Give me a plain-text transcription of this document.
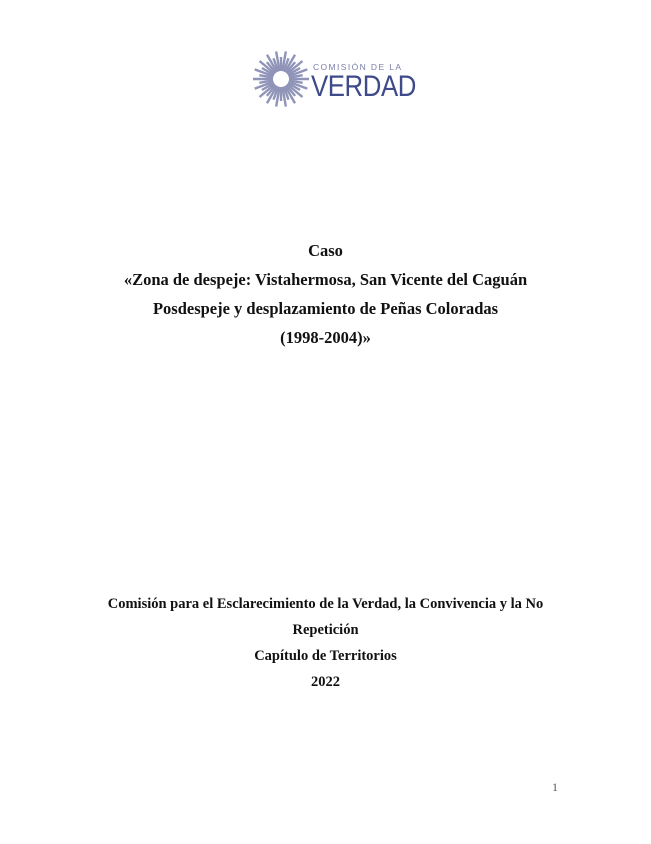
COMISIÓN DE LA
VERDAD
Caso
«Zona de despeje: Vistahermosa, San Vicente del Caguán
Posdespeje y desplazamiento de Peñas Coloradas
(1998-2004)»
Comisión para el Esclarecimiento de la Verdad, la Convivencia y la No
Repetición
Capítulo de Territorios
2022
1
